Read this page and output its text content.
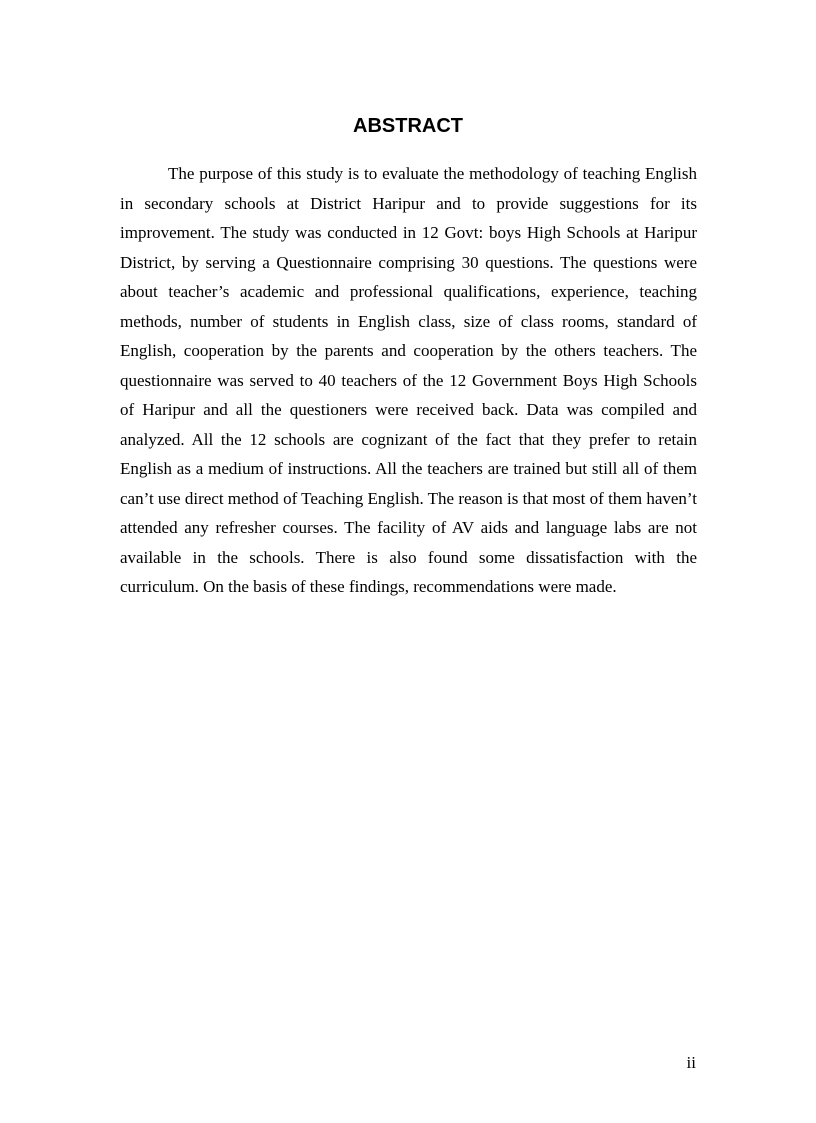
ABSTRACT

The purpose of this study is to evaluate the methodology of teaching English in secondary schools at District Haripur and to provide suggestions for its improvement. The study was conducted in 12 Govt: boys High Schools at Haripur District, by serving a Questionnaire comprising 30 questions. The questions were about teacher’s academic and professional qualifications, experience, teaching methods, number of students in English class, size of class rooms, standard of English, cooperation by the parents and cooperation by the others teachers. The questionnaire was served to 40 teachers of the 12 Government Boys High Schools of Haripur and all the questioners were received back. Data was compiled and analyzed. All the 12 schools are cognizant of the fact that they prefer to retain English as a medium of instructions. All the teachers are trained but still all of them can’t use direct method of Teaching English. The reason is that most of them haven’t attended any refresher courses. The facility of AV aids and language labs are not available in the schools. There is also found some dissatisfaction with the curriculum. On the basis of these findings, recommendations were made.

ii
